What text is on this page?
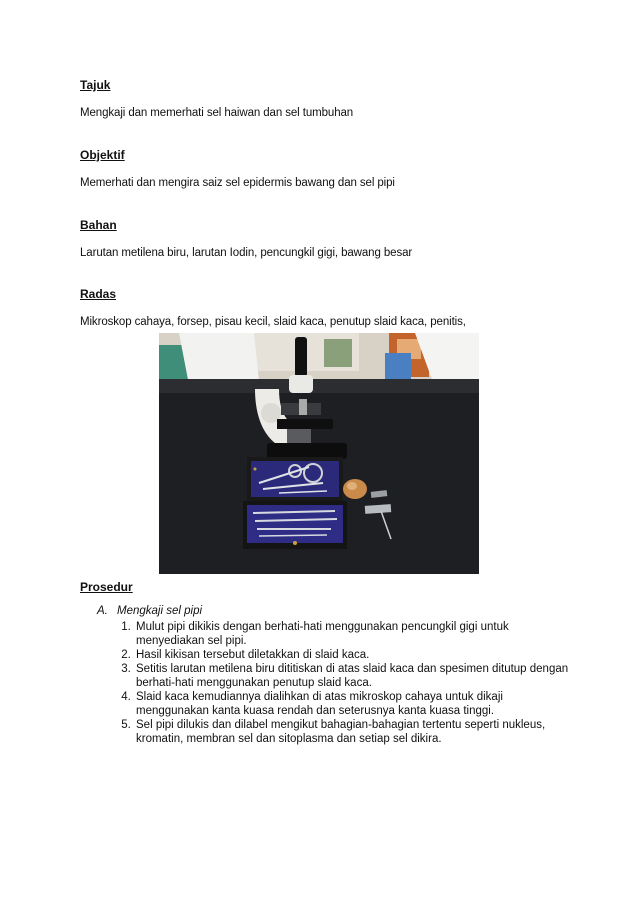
Tajuk

Mengkaji dan memerhati sel haiwan dan sel tumbuhan

Objektif

Memerhati dan mengira saiz sel epidermis bawang dan sel pipi

Bahan

Larutan metilena biru, larutan Iodin, pencungkil gigi, bawang besar

Radas

Mikroskop cahaya, forsep, pisau kecil, slaid kaca, penutup slaid kaca, penitis,

Prosedur

A. Mengkaji sel pipi

1. Mulut pipi dikikis dengan berhati-hati menggunakan pencungkil gigi untuk menyediakan sel pipi.
2. Hasil kikisan tersebut diletakkan di slaid kaca.
3. Setitis larutan metilena biru dititiskan di atas slaid kaca dan spesimen ditutup dengan berhati-hati menggunakan penutup slaid kaca.
4. Slaid kaca kemudiannya dialihkan di atas mikroskop cahaya untuk dikaji menggunakan kanta kuasa rendah dan seterusnya kanta kuasa tinggi.
5. Sel pipi dilukis dan dilabel mengikut bahagian-bahagian tertentu seperti nukleus, kromatin, membran sel dan sitoplasma dan setiap sel dikira.
